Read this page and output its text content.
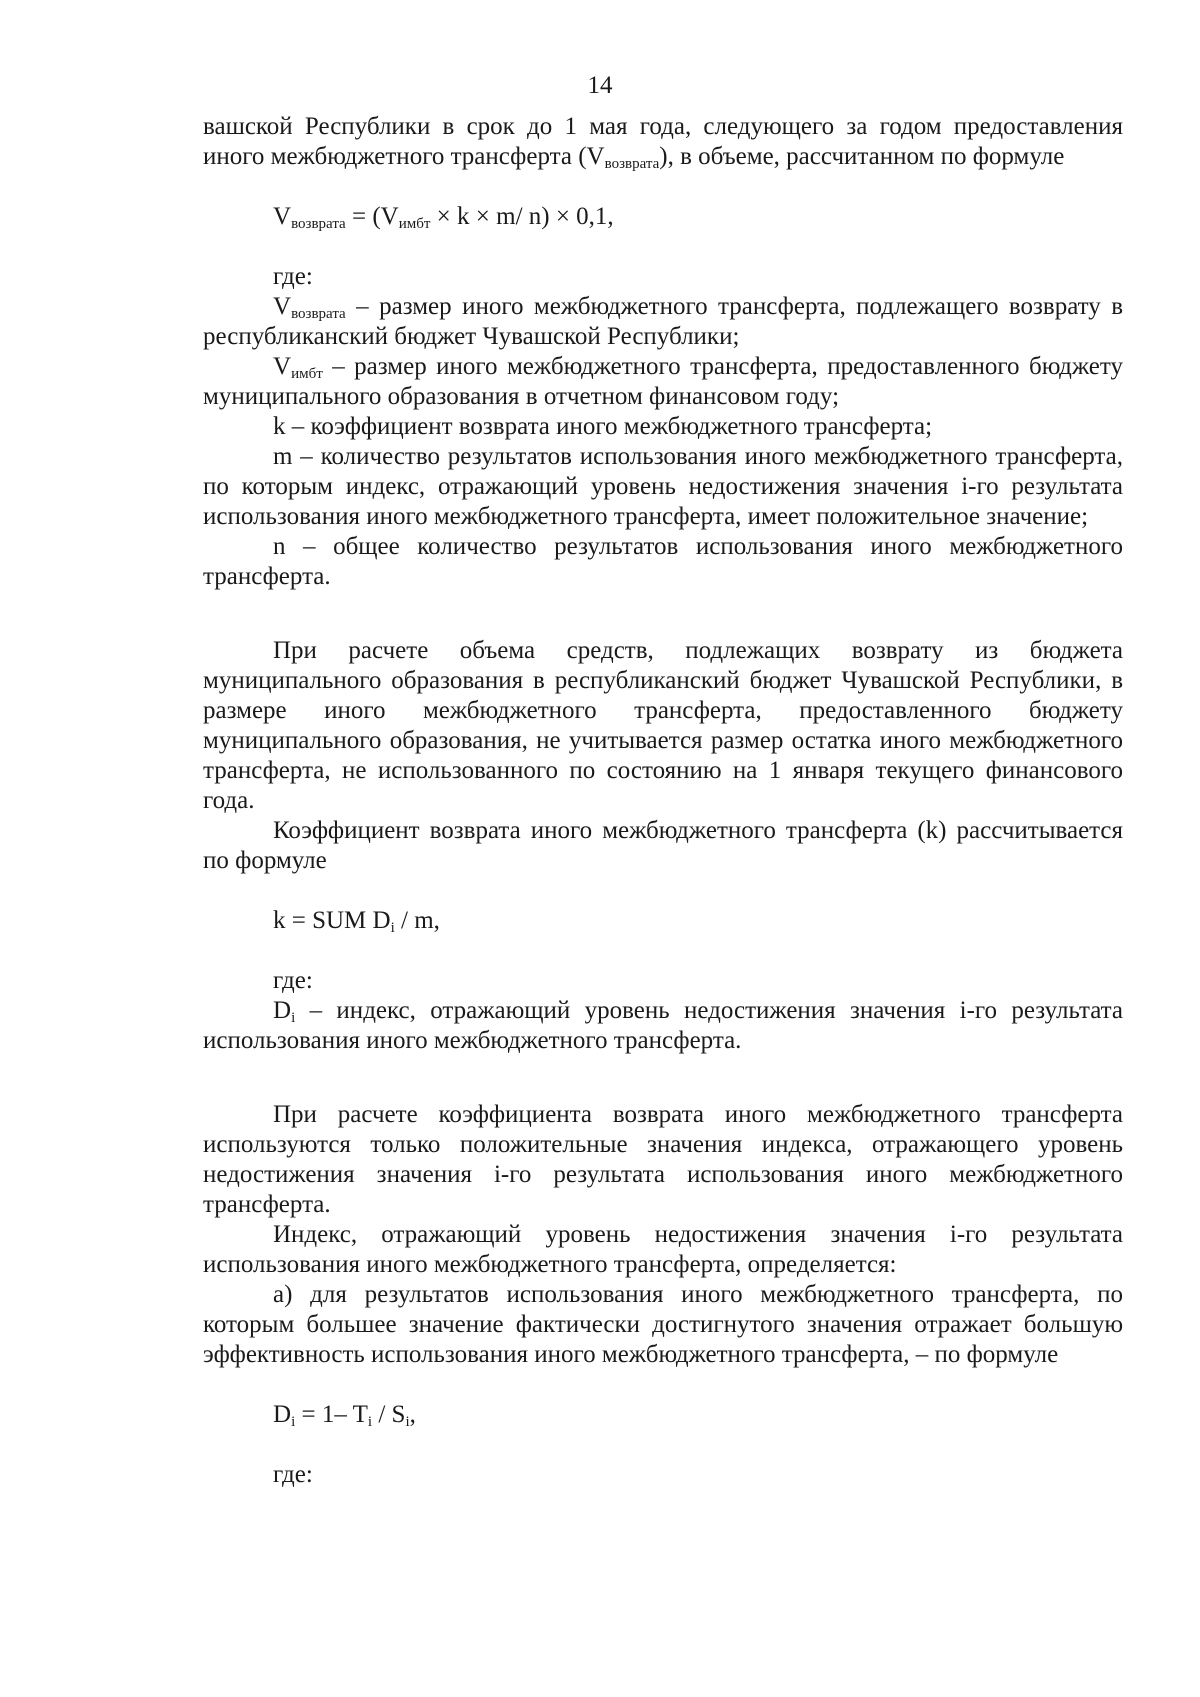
14

вашской Республики в срок до 1 мая года, следующего за годом предоставления иного межбюджетного трансферта $(V_{возврата})$, в объеме, рассчитанном по формуле

$V_{возврата} = (V_{имбт} \times k \times m/$ n) × 0,1,

где:

$V_{возврата}$ – размер иного межбюджетного трансферта, подлежащего возврату в республиканский бюджет Чувашской Республики;

$V_{имбт}$ – размер иного межбюджетного трансферта, предоставленного бюджету муниципального образования в отчетном финансовом году;

k – коэффициент возврата иного межбюджетного трансферта;

m – количество результатов использования иного межбюджетного трансферта, по которым индекс, отражающий уровень недостижения значения i-го результата использования иного межбюджетного трансферта, имеет положительное значение;

n – общее количество результатов использования иного межбюджетного трансферта.

При расчете объема средств, подлежащих возврату из бюджета муниципального образования в республиканский бюджет Чувашской Республики, в размере иного межбюджетного трансферта, предоставленного бюджету муниципального образования, не учитывается размер остатка иного межбюджетного трансферта, не использованного по состоянию на 1 января текущего финансового года.

Коэффициент возврата иного межбюджетного трансферта (k) рассчитывается по формуле

k = SUM $D_i$ / m,

где:

$D_i$ – индекс, отражающий уровень недостижения значения i-го результата использования иного межбюджетного трансферта.

При расчете коэффициента возврата иного межбюджетного трансферта используются только положительные значения индекса, отражающего уровень недостижения значения i-го результата использования иного межбюджетного трансферта.

Индекс, отражающий уровень недостижения значения i-го результата использования иного межбюджетного трансферта, определяется:

а) для результатов использования иного межбюджетного трансферта, по которым большее значение фактически достигнутого значения отражает большую эффективность использования иного межбюджетного трансферта, – по формуле

$D_i = 1-$ $T_i / S_i$,

где:
